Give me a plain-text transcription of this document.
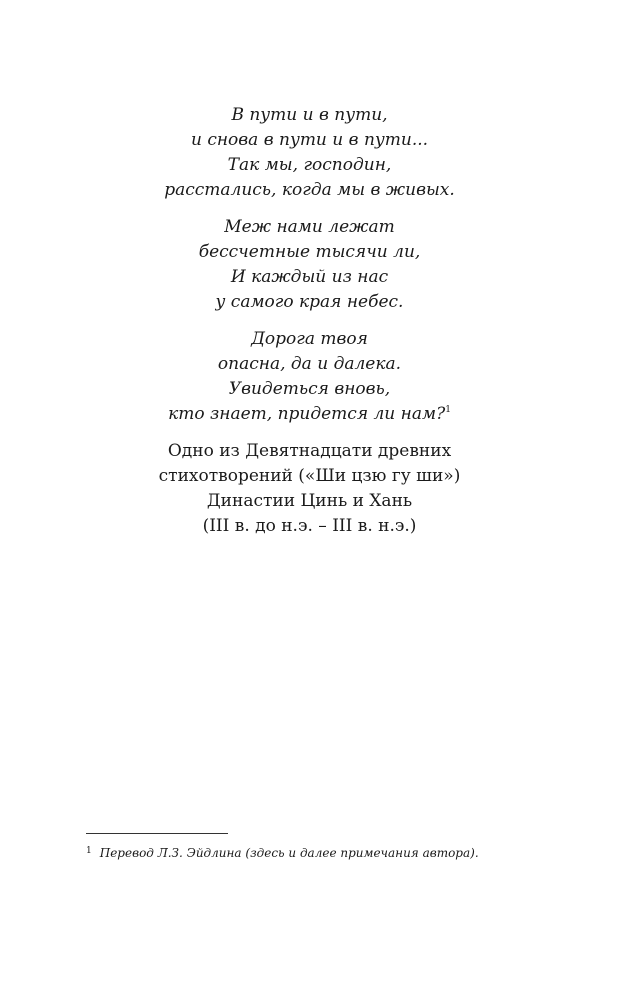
В пути и в пути,
и снова в пути и в пути...
Так мы, господин,
расстались, когда мы в живых.
Меж нами лежат
бессчетные тысячи ли,
И каждый из нас
у самого края небес.
Дорога твоя
опасна, да и далека.
Увидеться вновь,
кто знает, придется ли нам?$^1$
Одно из Девятнадцати древних
стихотворений («Ши цзю гу ши»)
Династии Цинь и Хань
(III в. до н.э. – III в. н.э.)
$^1$ Перевод Л.З. Эйдлина (здесь и далее примечания автора).
